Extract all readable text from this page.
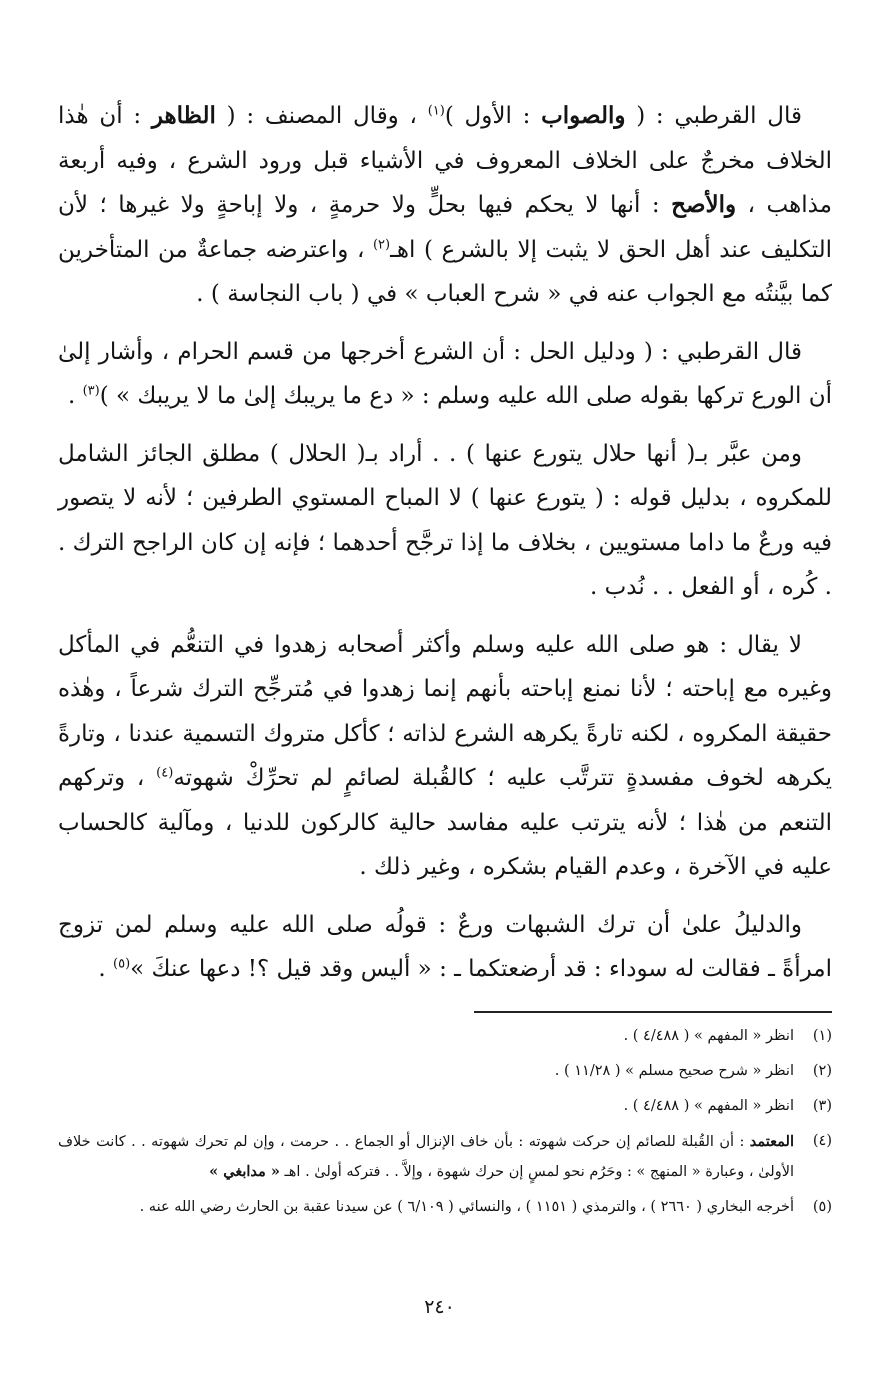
قال القرطبي : ( والصواب : الأول )$^{(١)}$ ، وقال المصنف : ( الظاهر : أن هٰذا الخلاف مخرجٌ على الخلاف المعروف في الأشياء قبل ورود الشرع ، وفيه أربعة مذاهب ، والأصح : أنها لا يحكم فيها بحلٍّ ولا حرمةٍ ، ولا إباحةٍ ولا غيرها ؛ لأن التكليف عند أهل الحق لا يثبت إلا بالشرع ) اهـ$^{(٢)}$ ، واعترضه جماعةٌ من المتأخرين كما بيَّنتُه مع الجواب عنه في « شرح العباب » في ( باب النجاسة ) .

قال القرطبي : ( ودليل الحل : أن الشرع أخرجها من قسم الحرام ، وأشار إلىٰ أن الورع تركها بقوله صلى الله عليه وسلم : « دع ما يريبك إلىٰ ما لا يريبك » )$^{(٣)}$ .

ومن عبَّر بـ( أنها حلال يتورع عنها ) . . أراد بـ( الحلال ) مطلق الجائز الشامل للمكروه ، بدليل قوله : ( يتورع عنها ) لا المباح المستوي الطرفين ؛ لأنه لا يتصور فيه ورعٌ ما داما مستويين ، بخلاف ما إذا ترجَّح أحدهما ؛ فإنه إن كان الراجح الترك . . كُره ، أو الفعل . . نُدب .

لا يقال : هو صلى الله عليه وسلم وأكثر أصحابه زهدوا في التنعُّم في المأكل وغيره مع إباحته ؛ لأنا نمنع إباحته بأنهم إنما زهدوا في مُترجِّح الترك شرعاً ، وهٰذه حقيقة المكروه ، لكنه تارةً يكرهه الشرع لذاته ؛ كأكل متروك التسمية عندنا ، وتارةً يكرهه لخوف مفسدةٍ تترتَّب عليه ؛ كالقُبلة لصائمٍ لم تحرِّكْ شهوته$^{(٤)}$ ، وتركهم التنعم من هٰذا ؛ لأنه يترتب عليه مفاسد حالية كالركون للدنيا ، ومآلية كالحساب عليه في الآخرة ، وعدم القيام بشكره ، وغير ذلك .

والدليلُ علىٰ أن ترك الشبهات ورعٌ : قولُه صلى الله عليه وسلم لمن تزوج امرأةً ـ فقالت له سوداء : قد أرضعتكما ـ : « أليس وقد قيل ؟! دعها عنكَ »$^{(٥)}$ .

(١)
انظر « المفهم » ( ٤/٤٨٨ ) .
(٢)
انظر « شرح صحيح مسلم » ( ١١/٢٨ ) .
(٣)
انظر « المفهم » ( ٤/٤٨٨ ) .
(٤)
المعتمد : أن القُبلة للصائم إن حركت شهوته : بأن خاف الإنزال أو الجماع . . حرمت ، وإن لم تحرك شهوته . . كانت خلاف الأولىٰ ، وعبارة « المنهج » : وحَرُم نحو لمسٍ إن حرك شهوة ، وإلاَّ . . فتركه أولىٰ . اهـ « مدابغي »
(٥)
أخرجه البخاري ( ٢٦٦٠ ) ، والترمذي ( ١١٥١ ) ، والنسائي ( ٦/١٠٩ ) عن سيدنا عقبة بن الحارث رضي الله عنه .
٢٤٠
